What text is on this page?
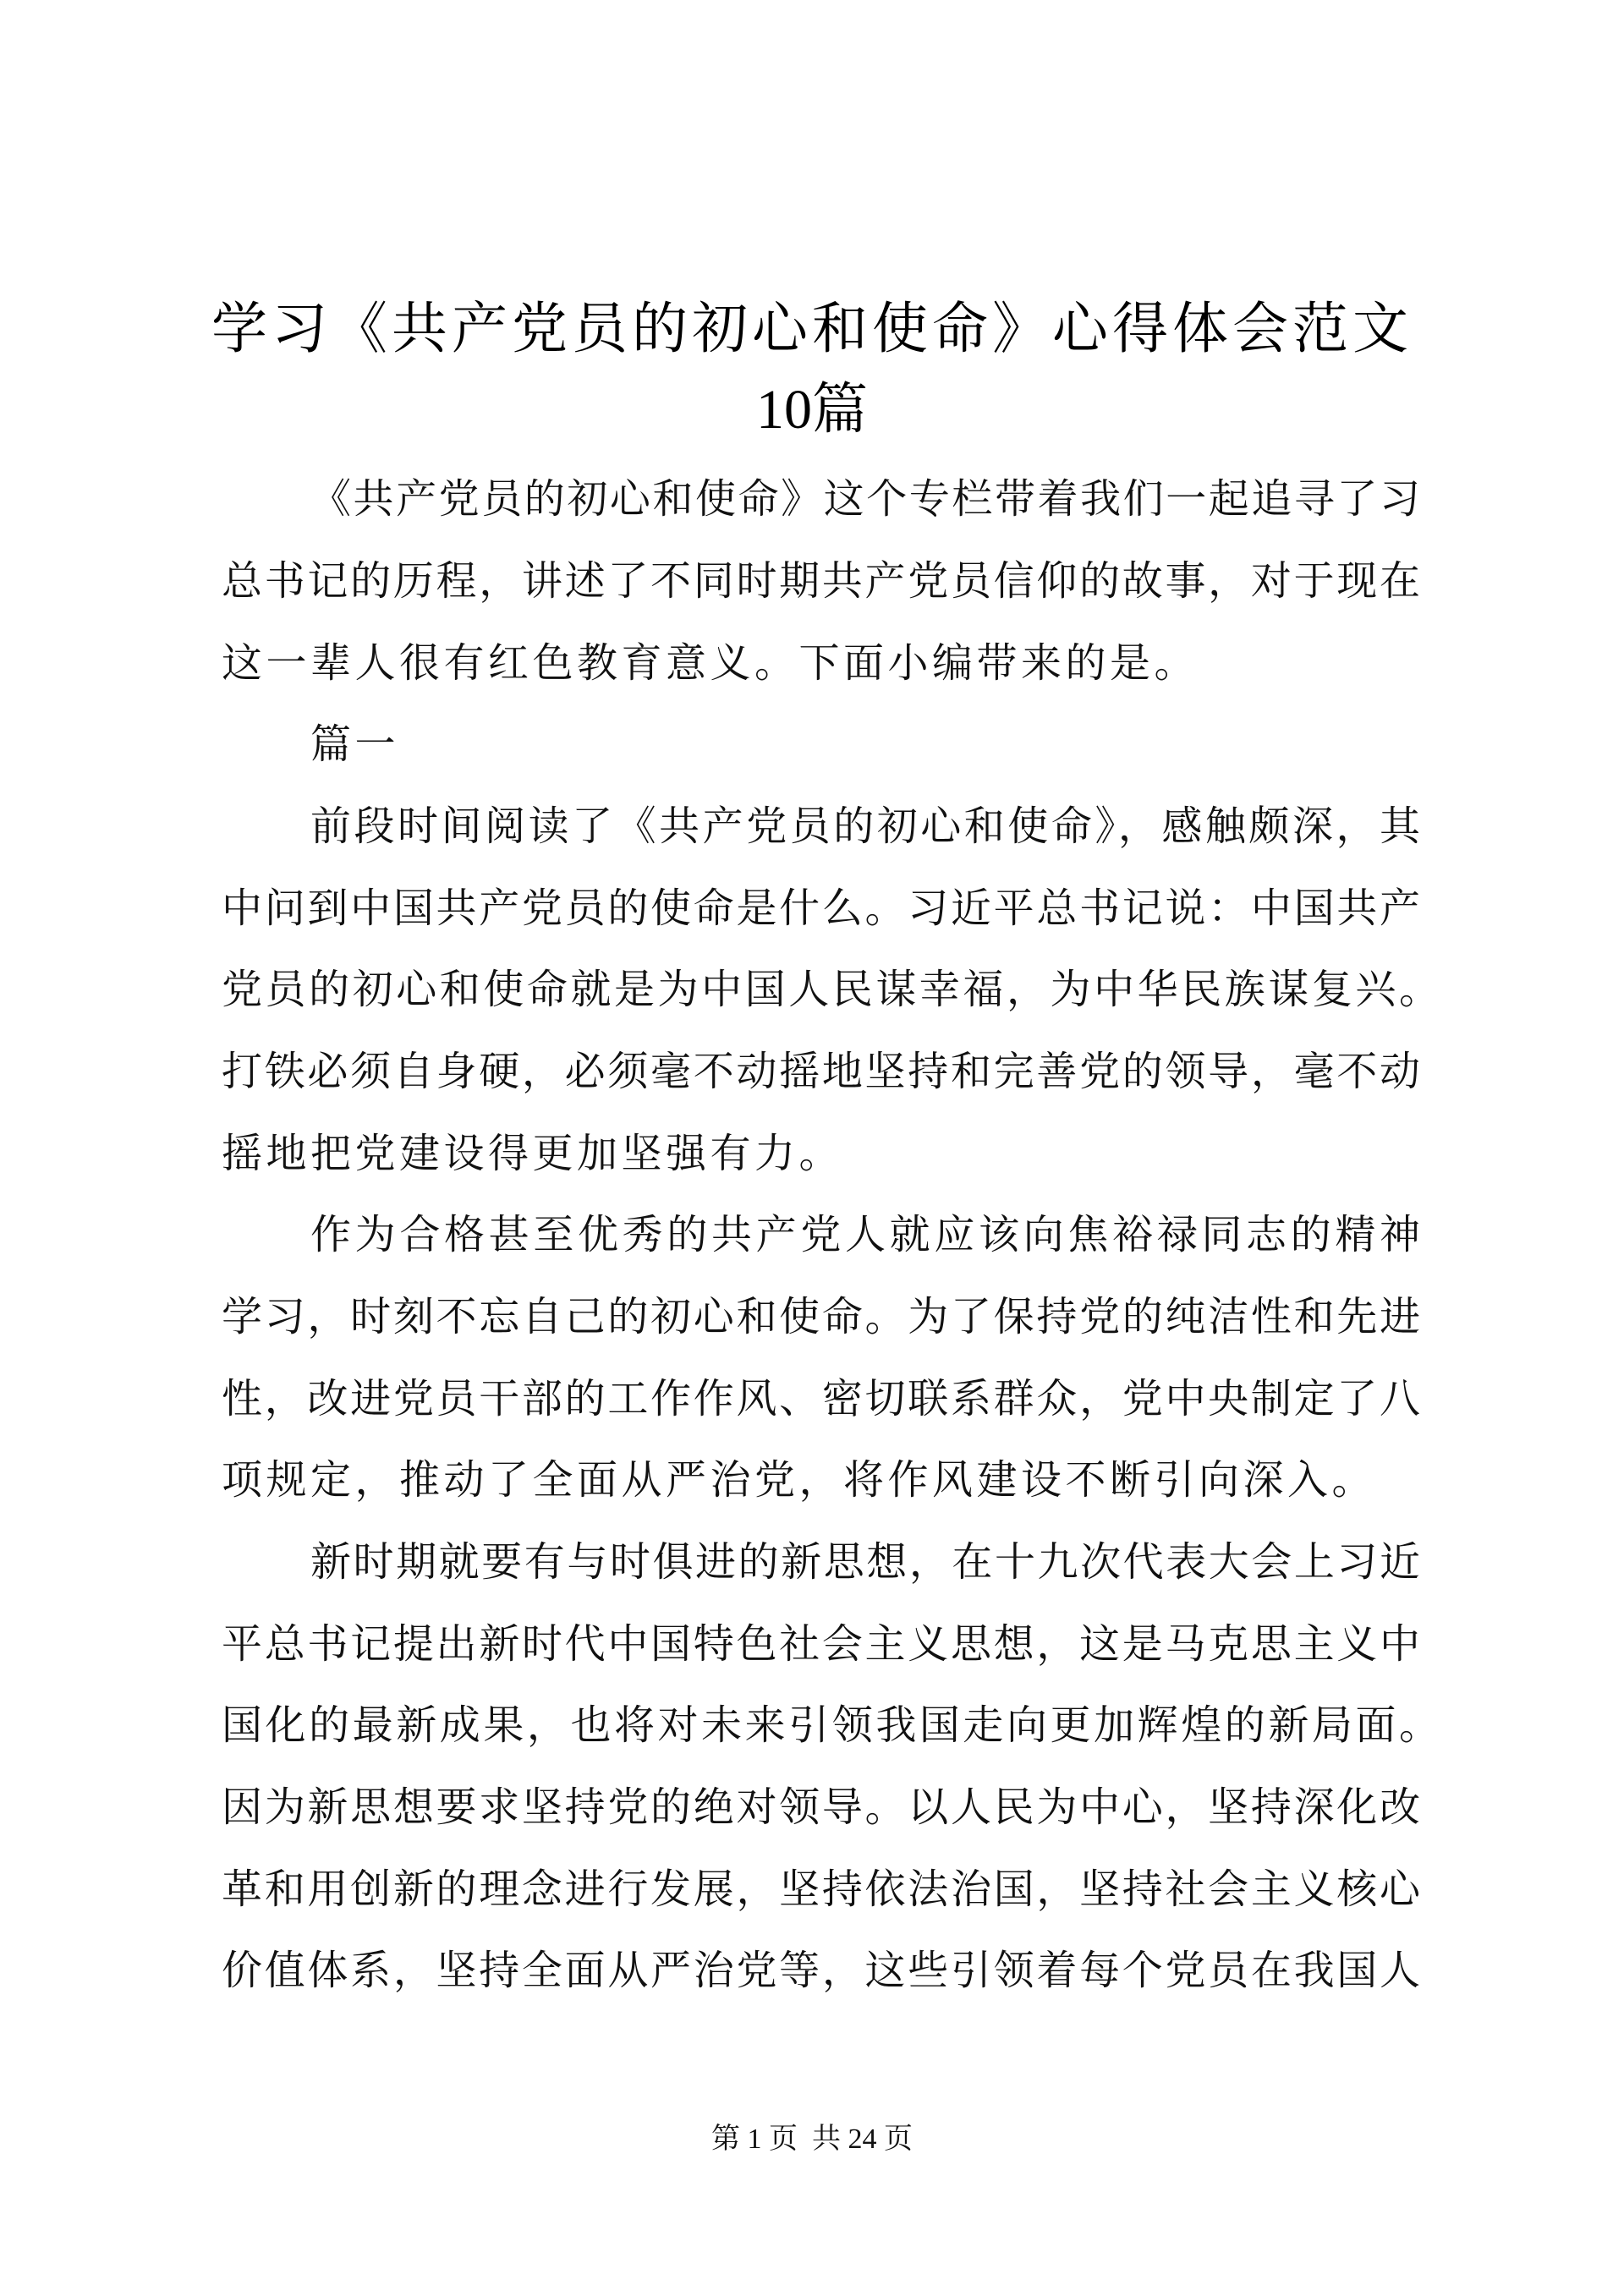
学习《共产党员的初心和使命》心得体会范文
10篇
《共产党员的初心和使命》这个专栏带着我们一起追寻了习
总书记的历程，讲述了不同时期共产党员信仰的故事，对于现在
这一辈人很有红色教育意义。下面小编带来的是。
篇一
前段时间阅读了《共产党员的初心和使命》，感触颇深，其
中问到中国共产党员的使命是什么。习近平总书记说：中国共产
党员的初心和使命就是为中国人民谋幸福，为中华民族谋复兴。
打铁必须自身硬，必须毫不动摇地坚持和完善党的领导，毫不动
摇地把党建设得更加坚强有力。
作为合格甚至优秀的共产党人就应该向焦裕禄同志的精神
学习，时刻不忘自己的初心和使命。为了保持党的纯洁性和先进
性，改进党员干部的工作作风、密切联系群众，党中央制定了八
项规定，推动了全面从严治党，将作风建设不断引向深入。
新时期就要有与时俱进的新思想，在十九次代表大会上习近
平总书记提出新时代中国特色社会主义思想，这是马克思主义中
国化的最新成果，也将对未来引领我国走向更加辉煌的新局面。
因为新思想要求坚持党的绝对领导。以人民为中心，坚持深化改
革和用创新的理念进行发展，坚持依法治国，坚持社会主义核心
价值体系，坚持全面从严治党等，这些引领着每个党员在我国人
第 1 页  共 24 页
